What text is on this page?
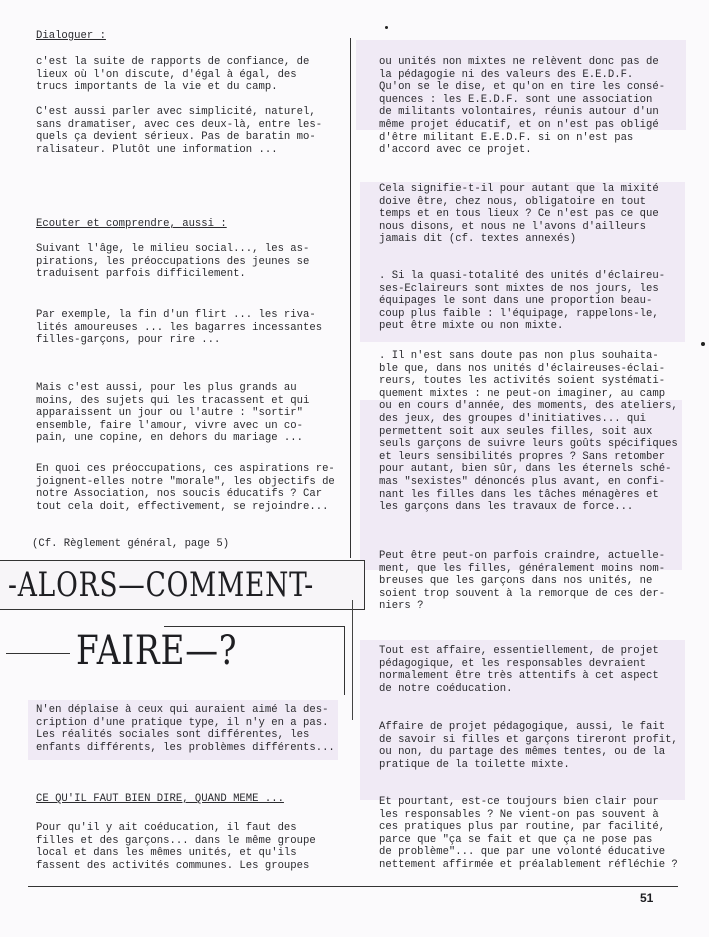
Dialoguer :
c'est la suite de rapports de confiance, de
lieux où l'on discute, d'égal à égal, des
trucs importants de la vie et du camp.
C'est aussi parler avec simplicité, naturel,
sans dramatiser, avec ces deux-là, entre les-
quels ça devient sérieux. Pas de baratin mo-
ralisateur. Plutôt une information ...
Ecouter et comprendre, aussi :
Suivant l'âge, le milieu social..., les as-
pirations, les préoccupations des jeunes se
traduisent parfois difficilement.
Par exemple, la fin d'un flirt ... les riva-
lités amoureuses ... les bagarres incessantes
filles-garçons, pour rire ...
Mais c'est aussi, pour les plus grands au
moins, des sujets qui les tracassent et qui
apparaissent un jour ou l'autre : "sortir"
ensemble, faire l'amour, vivre avec un co-
pain, une copine, en dehors du mariage ...
En quoi ces préoccupations, ces aspirations re-
joignent-elles notre "morale", les objectifs de
notre Association, nos soucis éducatifs ? Car
tout cela doit, effectivement, se rejoindre...
(Cf. Règlement général, page 5)
N'en déplaise à ceux qui auraient aimé la des-
cription d'une pratique type, il n'y en a pas.
Les réalités sociales sont différentes, les
enfants différents, les problèmes différents...
CE QU'IL FAUT BIEN DIRE, QUAND MEME ...
Pour qu'il y ait coéducation, il faut des
filles et des garçons... dans le même groupe
local et dans les mêmes unités, et qu'ils
fassent des activités communes. Les groupes
-ALORS—COMMENT-
FAIRE—?
ou unités non mixtes ne relèvent donc pas de
la pédagogie ni des valeurs des E.E.D.F.
Qu'on se le dise, et qu'on en tire les consé-
quences : les E.E.D.F. sont une association
de militants volontaires, réunis autour d'un
même projet éducatif, et on n'est pas obligé
d'être militant E.E.D.F. si on n'est pas
d'accord avec ce projet.
Cela signifie-t-il pour autant que la mixité
doive être, chez nous, obligatoire en tout
temps et en tous lieux ? Ce n'est pas ce que
nous disons, et nous ne l'avons d'ailleurs
jamais dit (cf. textes annexés)
. Si la quasi-totalité des unités d'éclaireu-
ses-Eclaireurs sont mixtes de nos jours, les
équipages le sont dans une proportion beau-
coup plus faible : l'équipage, rappelons-le,
peut être mixte ou non mixte.
. Il n'est sans doute pas non plus souhaita-
ble que, dans nos unités d'éclaireuses-éclai-
reurs, toutes les activités soient systémati-
quement mixtes : ne peut-on imaginer, au camp
ou en cours d'année, des moments, des ateliers,
des jeux, des groupes d'initiatives... qui
permettent soit aux seules filles, soit aux
seuls garçons de suivre leurs goûts spécifiques
et leurs sensibilités propres ? Sans retomber
pour autant, bien sûr, dans les éternels sché-
mas "sexistes" dénoncés plus avant, en confi-
nant les filles dans les tâches ménagères et
les garçons dans les travaux de force...
Peut être peut-on parfois craindre, actuelle-
ment, que les filles, généralement moins nom-
breuses que les garçons dans nos unités, ne
soient trop souvent à la remorque de ces der-
niers ?
Tout est affaire, essentiellement, de projet
pédagogique, et les responsables devraient
normalement être très attentifs à cet aspect
de notre coéducation.
Affaire de projet pédagogique, aussi, le fait
de savoir si filles et garçons tireront profit,
ou non, du partage des mêmes tentes, ou de la
pratique de la toilette mixte.
Et pourtant, est-ce toujours bien clair pour
les responsables ? Ne vient-on pas souvent à
ces pratiques plus par routine, par facilité,
parce que "ça se fait et que ça ne pose pas
de problème"... que par une volonté éducative
nettement affirmée et préalablement réfléchie ?
51
